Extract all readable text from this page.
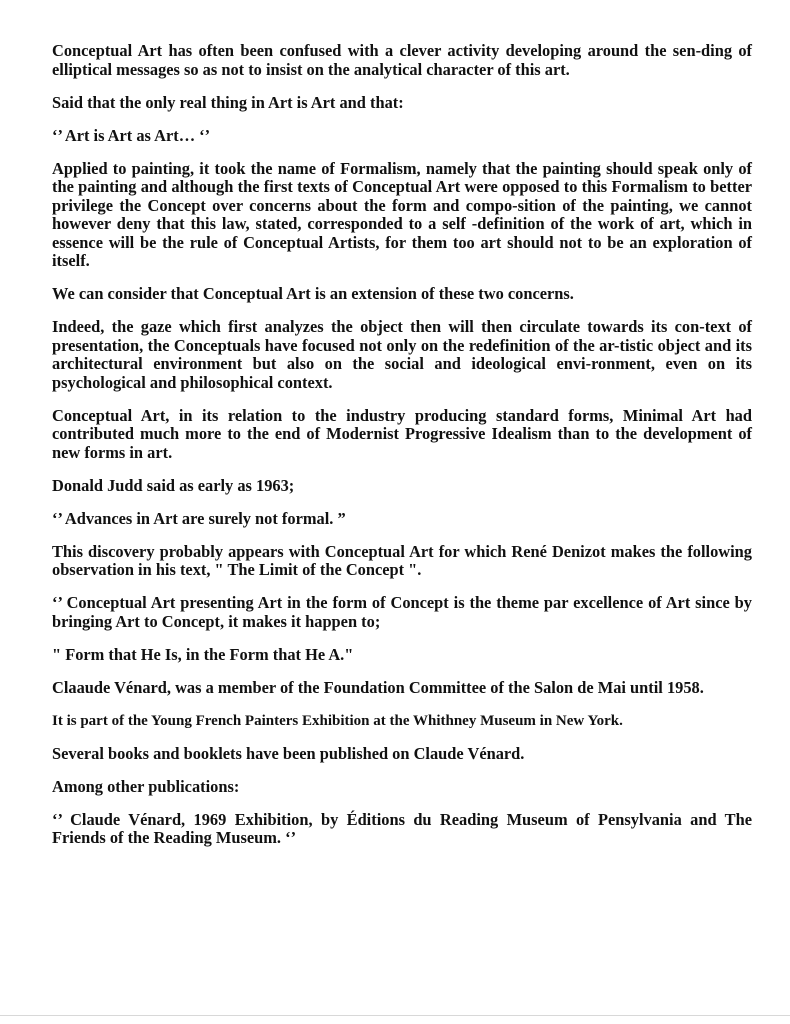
Conceptual Art has often been confused with a clever activity developing around the sen-ding of elliptical messages so as not to insist on the analytical character of this art.

Said that the only real thing in Art is Art and that:

‘’ Art is Art as Art… ‘’

Applied to painting, it took the name of Formalism, namely that the painting should speak only of the painting and although the first texts of Conceptual Art were opposed to this Formalism to better privilege the Concept over concerns about the form and compo-sition of the painting, we cannot however deny that this law, stated, corresponded to a self -definition of the work of art, which in essence will be the rule of Conceptual Artists, for them too art should not to be an exploration of itself.

We can consider that Conceptual Art is an extension of these two concerns.

Indeed, the gaze which first analyzes the object then will then circulate towards its con-text of presentation, the Conceptuals have focused not only on the redefinition of the ar-tistic object and its architectural environment but also on the social and ideological envi-ronment, even on its psychological and philosophical context.

Conceptual Art, in its relation to the industry producing standard forms, Minimal Art had contributed much more to the end of Modernist Progressive Idealism than to the development of new forms in art.

Donald Judd said as early as 1963;

‘’ Advances in Art are surely not formal. ”

This discovery probably appears with Conceptual Art for which René Denizot makes the following observation in his text, " The Limit of the Concept ".

‘’ Conceptual Art presenting Art in the form of Concept is the theme par excellence of Art since by bringing Art to Concept, it makes it happen to;

" Form that He Is, in the Form that He A."

Claaude Vénard, was a member of the Foundation Committee of the Salon de Mai until 1958.

It is part of the Young French Painters Exhibition at the Whithney Museum in New York.

Several books and booklets have been published on Claude Vénard.

Among other publications:

‘’ Claude Vénard, 1969 Exhibition, by Éditions du Reading Museum of Pensylvania and The Friends of the Reading Museum. ‘’
